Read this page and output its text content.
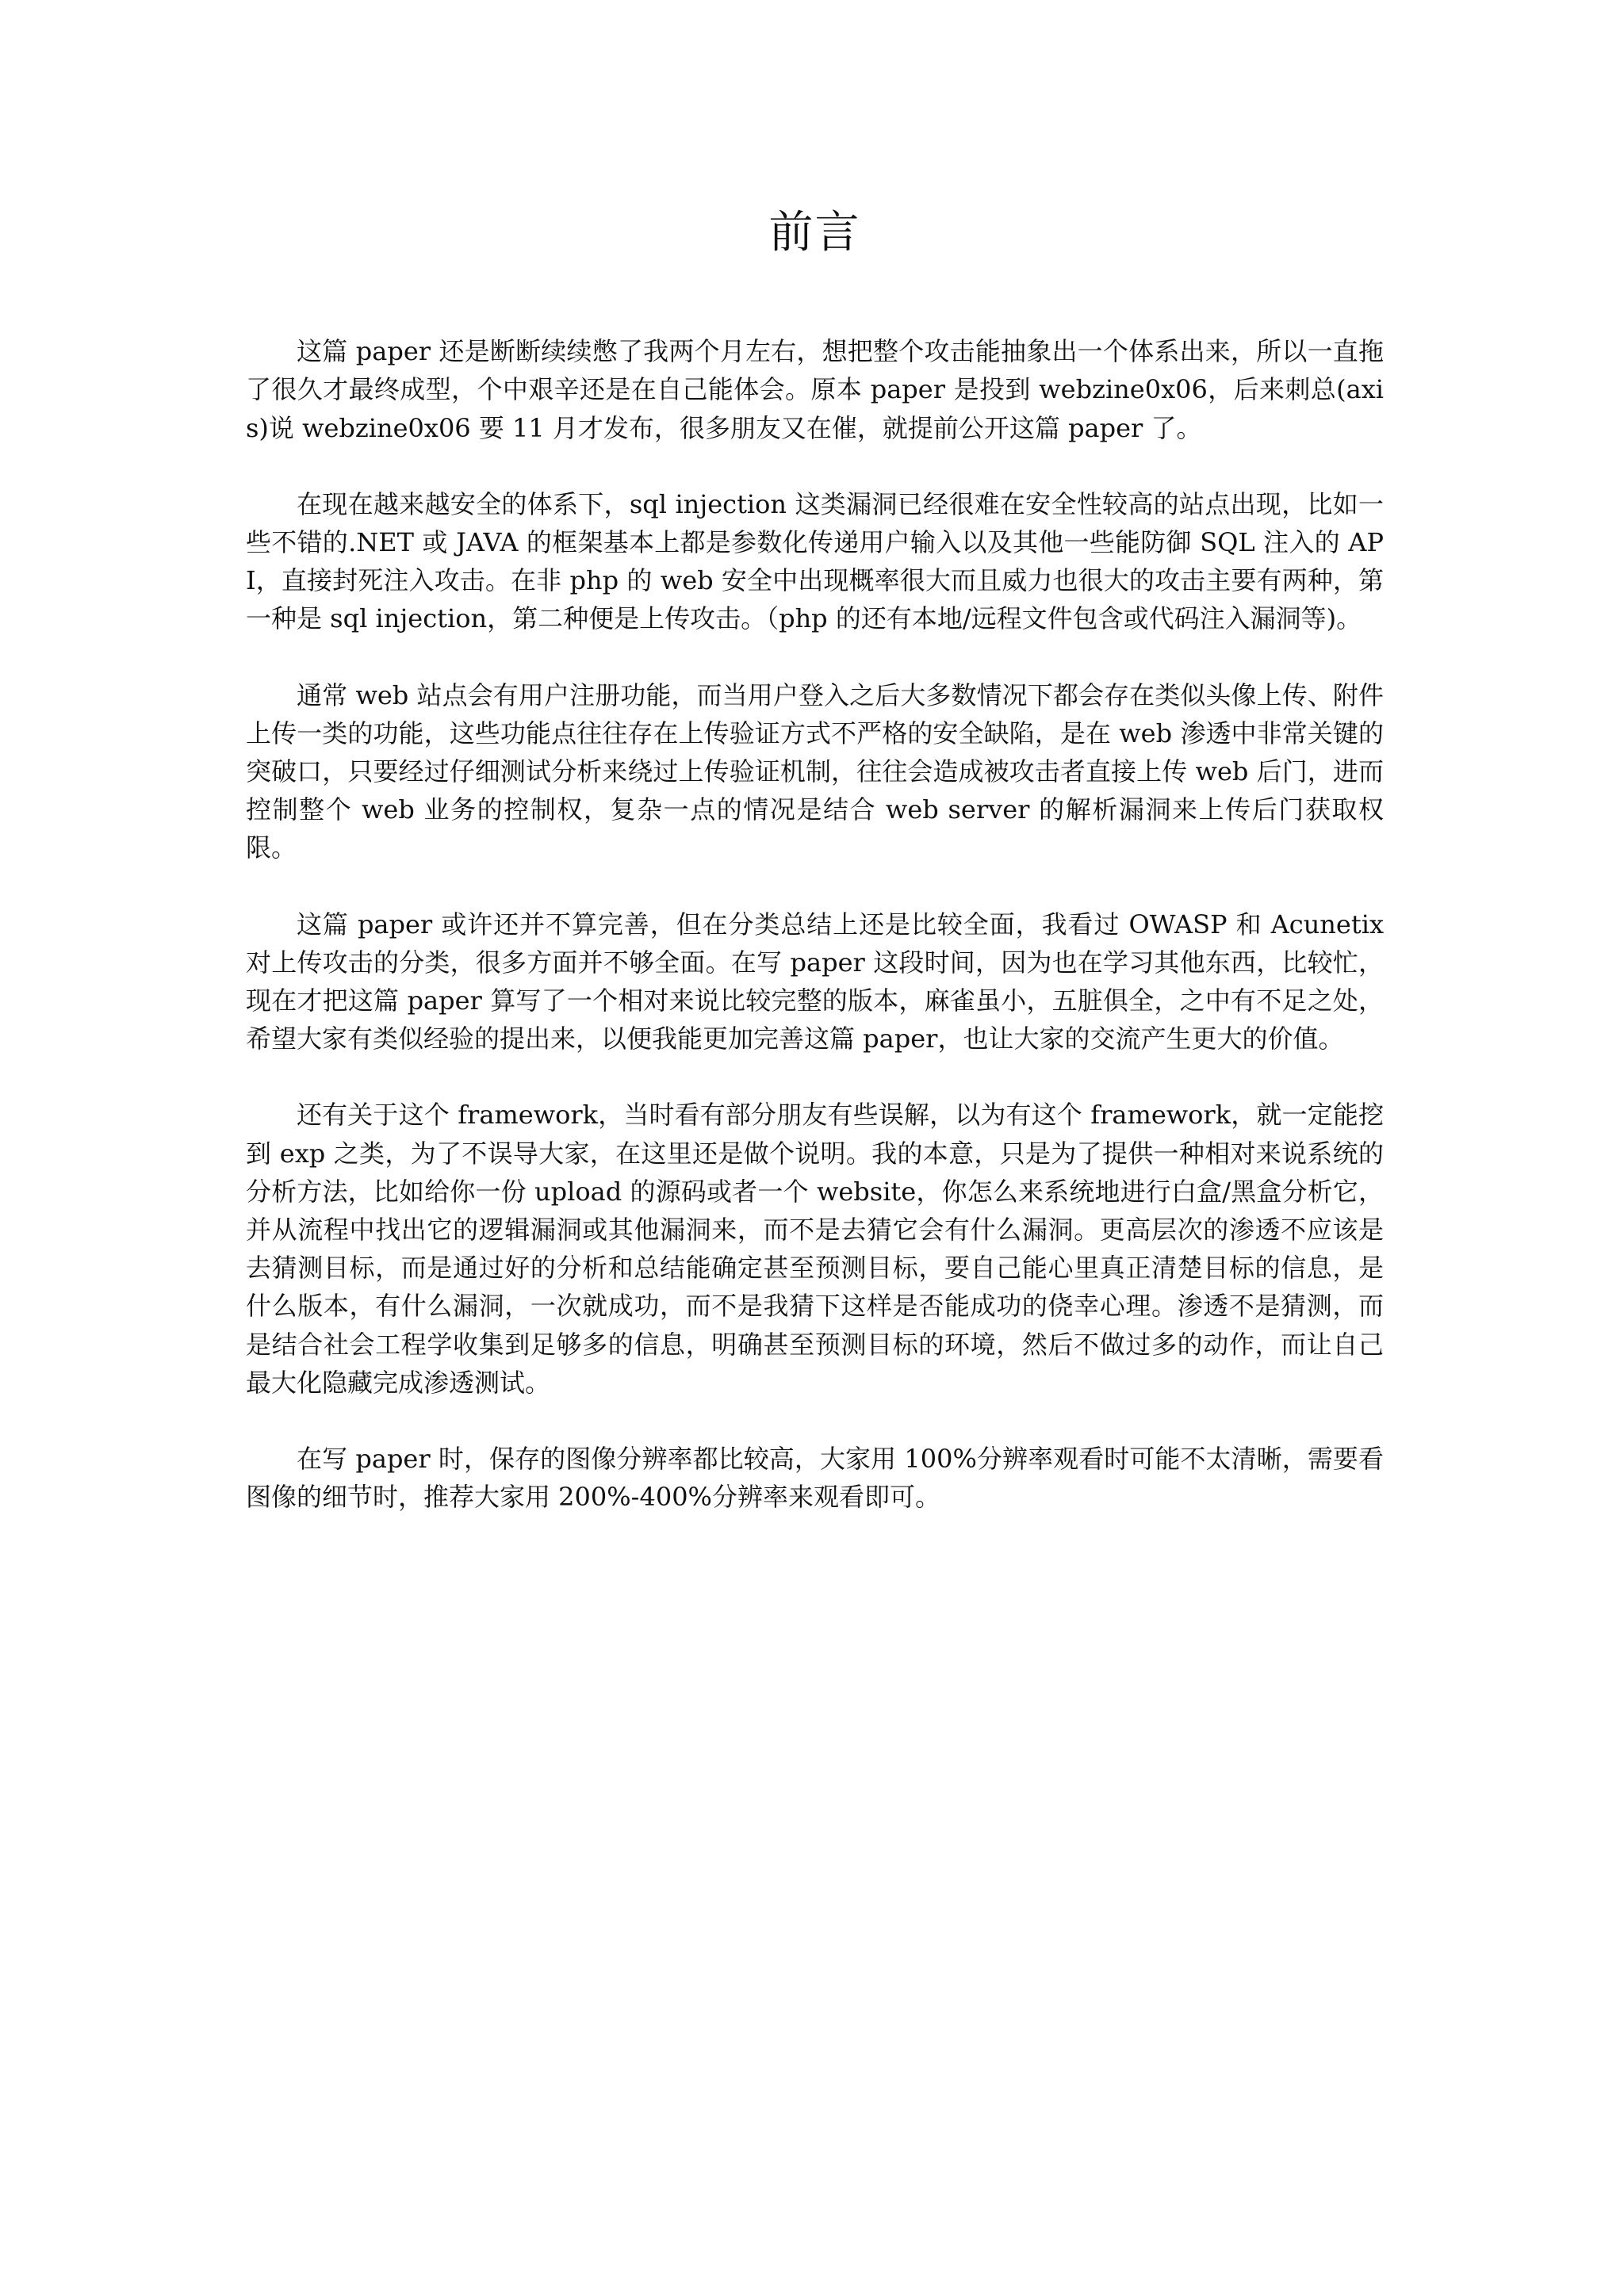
前言

这篇 paper 还是断断续续憋了我两个月左右，想把整个攻击能抽象出一个体系出来，所以一直拖了很久才最终成型，个中艰辛还是在自己能体会。原本 paper 是投到 webzine0x06，后来刺总(axis)说 webzine0x06 要 11 月才发布，很多朋友又在催，就提前公开这篇 paper 了。

在现在越来越安全的体系下，sql injection 这类漏洞已经很难在安全性较高的站点出现，比如一些不错的.NET 或 JAVA 的框架基本上都是参数化传递用户输入以及其他一些能防御 SQL 注入的 API，直接封死注入攻击。在非 php 的 web 安全中出现概率很大而且威力也很大的攻击主要有两种，第一种是 sql injection，第二种便是上传攻击。（php 的还有本地/远程文件包含或代码注入漏洞等)。

通常 web 站点会有用户注册功能，而当用户登入之后大多数情况下都会存在类似头像上传、附件上传一类的功能，这些功能点往往存在上传验证方式不严格的安全缺陷，是在 web 渗透中非常关键的突破口，只要经过仔细测试分析来绕过上传验证机制，往往会造成被攻击者直接上传 web 后门，进而控制整个 web 业务的控制权，复杂一点的情况是结合 web server 的解析漏洞来上传后门获取权限。

这篇 paper 或许还并不算完善，但在分类总结上还是比较全面，我看过 OWASP 和 Acunetix 对上传攻击的分类，很多方面并不够全面。在写 paper 这段时间，因为也在学习其他东西，比较忙，现在才把这篇 paper 算写了一个相对来说比较完整的版本，麻雀虽小，五脏俱全，之中有不足之处，希望大家有类似经验的提出来，以便我能更加完善这篇 paper，也让大家的交流产生更大的价值。

还有关于这个 framework，当时看有部分朋友有些误解，以为有这个 framework，就一定能挖到 exp 之类，为了不误导大家，在这里还是做个说明。我的本意，只是为了提供一种相对来说系统的分析方法，比如给你一份 upload 的源码或者一个 website，你怎么来系统地进行白盒/黑盒分析它，并从流程中找出它的逻辑漏洞或其他漏洞来，而不是去猜它会有什么漏洞。更高层次的渗透不应该是去猜测目标，而是通过好的分析和总结能确定甚至预测目标，要自己能心里真正清楚目标的信息，是什么版本，有什么漏洞，一次就成功，而不是我猜下这样是否能成功的侥幸心理。渗透不是猜测，而是结合社会工程学收集到足够多的信息，明确甚至预测目标的环境，然后不做过多的动作，而让自己最大化隐藏完成渗透测试。

在写 paper 时，保存的图像分辨率都比较高，大家用 100%分辨率观看时可能不太清晰，需要看图像的细节时，推荐大家用 200%-400%分辨率来观看即可。
